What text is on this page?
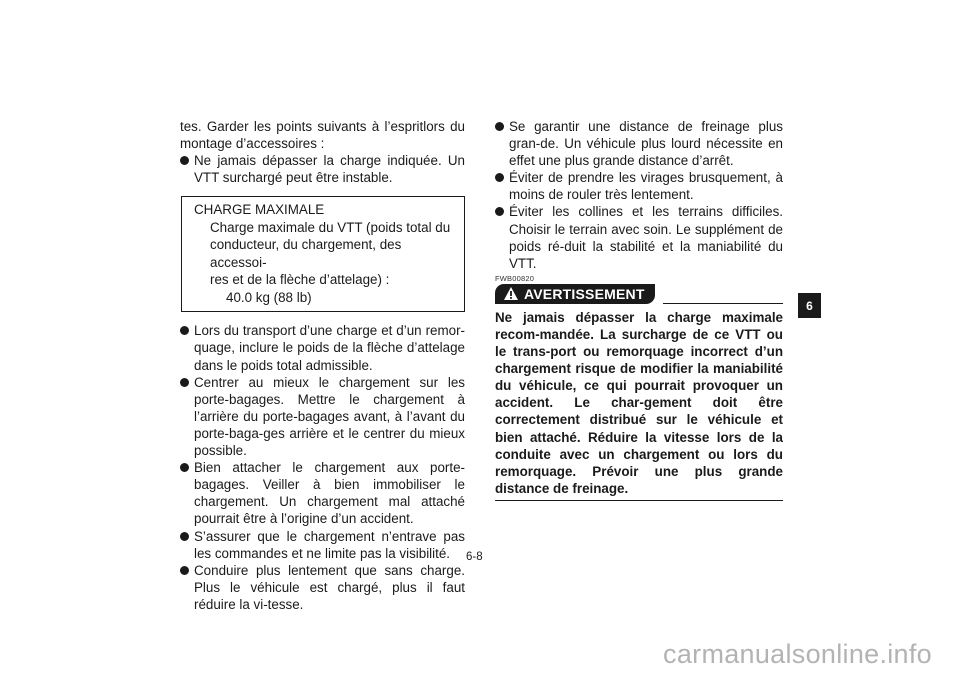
tes. Garder les points suivants à l’espritlors du montage d’accessoires :

Ne jamais dépasser la charge indiquée. Un VTT surchargé peut être instable.
CHARGE MAXIMALE
Charge maximale du VTT (poids total du
conducteur, du chargement, des accessoi-
res et de la flèche d’attelage) :
40.0 kg (88 lb)
Lors du transport d’une charge et d’un remor-quage, inclure le poids de la flèche d’attelage dans le poids total admissible.
Centrer au mieux le chargement sur les porte-bagages. Mettre le chargement à l’arrière du porte-bagages avant, à l’avant du porte-baga-ges arrière et le centrer du mieux possible.
Bien attacher le chargement aux porte-bagages. Veiller à bien immobiliser le chargement. Un chargement mal attaché pourrait être à l’origine d’un accident.
S’assurer que le chargement n’entrave pas les commandes et ne limite pas la visibilité.
Conduire plus lentement que sans charge. Plus le véhicule est chargé, plus il faut réduire la vi-tesse.
Se garantir une distance de freinage plus gran-de. Un véhicule plus lourd nécessite en effet une plus grande distance d’arrêt.
Éviter de prendre les virages brusquement, à moins de rouler très lentement.
Éviter les collines et les terrains difficiles. Choisir le terrain avec soin. Le supplément de poids ré-duit la stabilité et la maniabilité du VTT.
FWB00820
AVERTISSEMENT

Ne jamais dépasser la charge maximale recom-mandée. La surcharge de ce VTT ou le trans-port ou remorquage incorrect d’un chargement risque de modifier la maniabilité du véhicule, ce qui pourrait provoquer un accident. Le char-gement doit être correctement distribué sur le véhicule et bien attaché. Réduire la vitesse lors de la conduite avec un chargement ou lors du remorquage. Prévoir une plus grande distance de freinage.

6
6-8
carmanualsonline.info
